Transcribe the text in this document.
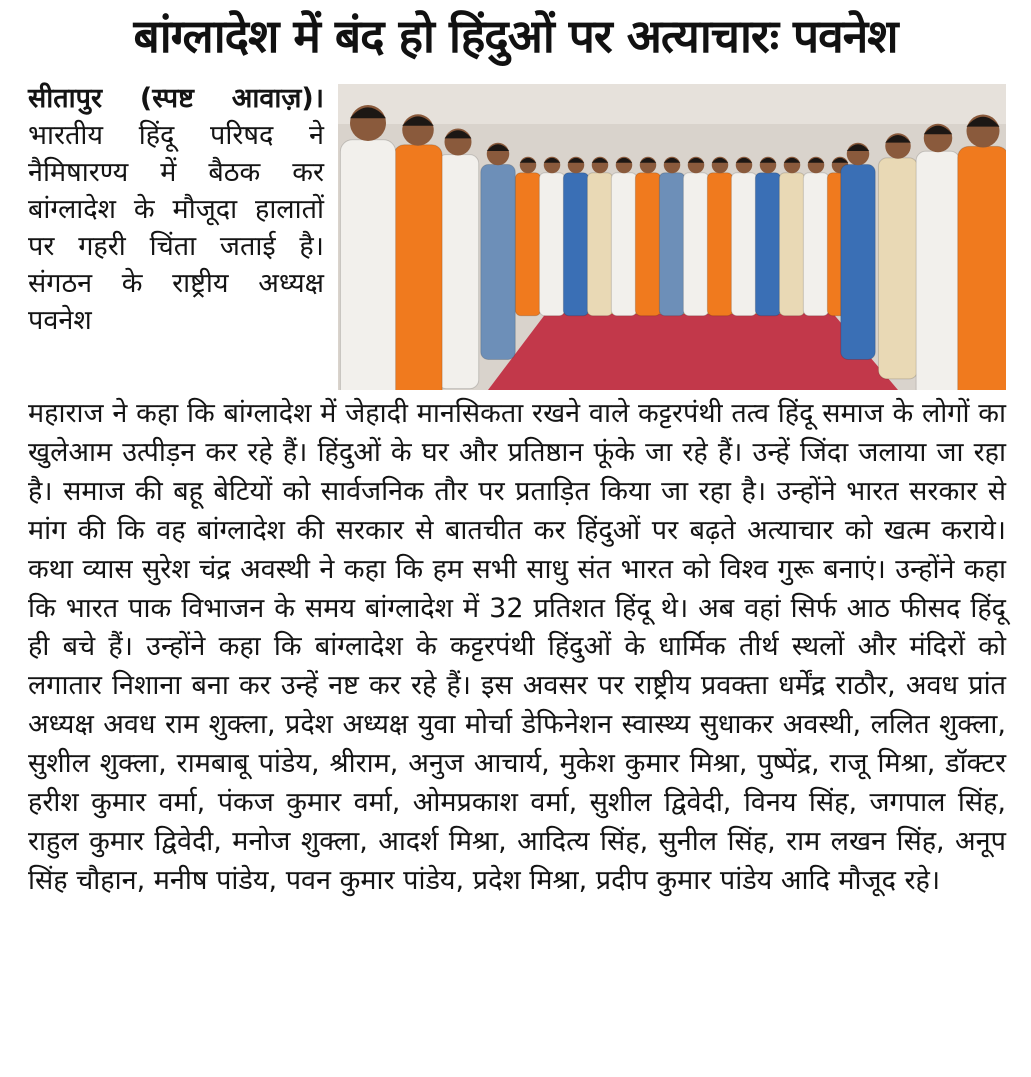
बांग्लादेश में बंद हो हिंदुओं पर अत्याचारः पवनेश
सीतापुर (स्पष्ट आवाज़)। भारतीय हिंदू परिषद ने नैमिषारण्य में बैठक कर बांग्लादेश के मौजूदा हालातों पर गहरी चिंता जताई है। संगठन के राष्ट्रीय अध्यक्ष पवनेश

महाराज ने कहा कि बांग्लादेश में जेहादी मानसिकता रखने वाले कट्टरपंथी तत्व हिंदू समाज के लोगों का खुलेआम उत्पीड़न कर रहे हैं। हिंदुओं के घर और प्रतिष्ठान फूंके जा रहे हैं। उन्हें जिंदा जलाया जा रहा है। समाज की बहू बेटियों को सार्वजनिक तौर पर प्रताड़ित किया जा रहा है। उन्होंने भारत सरकार से मांग की कि वह बांग्लादेश की सरकार से बातचीत कर हिंदुओं पर बढ़ते अत्याचार को खत्म कराये। कथा व्यास सुरेश चंद्र अवस्थी ने कहा कि हम सभी साधु संत भारत को विश्व गुरू बनाएं। उन्होंने कहा कि भारत पाक विभाजन के समय बांग्लादेश में 32 प्रतिशत हिंदू थे। अब वहां सिर्फ आठ फीसद हिंदू ही बचे हैं। उन्होंने कहा कि बांग्लादेश के कट्टरपंथी हिंदुओं के धार्मिक तीर्थ स्थलों और मंदिरों को लगातार निशाना बना कर उन्हें नष्ट कर रहे हैं। इस अवसर पर राष्ट्रीय प्रवक्ता धर्मेंद्र राठौर, अवध प्रांत अध्यक्ष अवध राम शुक्ला, प्रदेश अध्यक्ष युवा मोर्चा डेफिनेशन स्वास्थ्य सुधाकर अवस्थी, ललित शुक्ला, सुशील शुक्ला, रामबाबू पांडेय, श्रीराम, अनुज आचार्य, मुकेश कुमार मिश्रा, पुष्पेंद्र, राजू मिश्रा, डॉक्टर हरीश कुमार वर्मा, पंकज कुमार वर्मा, ओमप्रकाश वर्मा, सुशील द्विवेदी, विनय सिंह, जगपाल सिंह, राहुल कुमार द्विवेदी, मनोज शुक्ला, आदर्श मिश्रा, आदित्य सिंह, सुनील सिंह, राम लखन सिंह, अनूप सिंह चौहान, मनीष पांडेय, पवन कुमार पांडेय, प्रदेश मिश्रा, प्रदीप कुमार पांडेय आदि मौजूद रहे।
